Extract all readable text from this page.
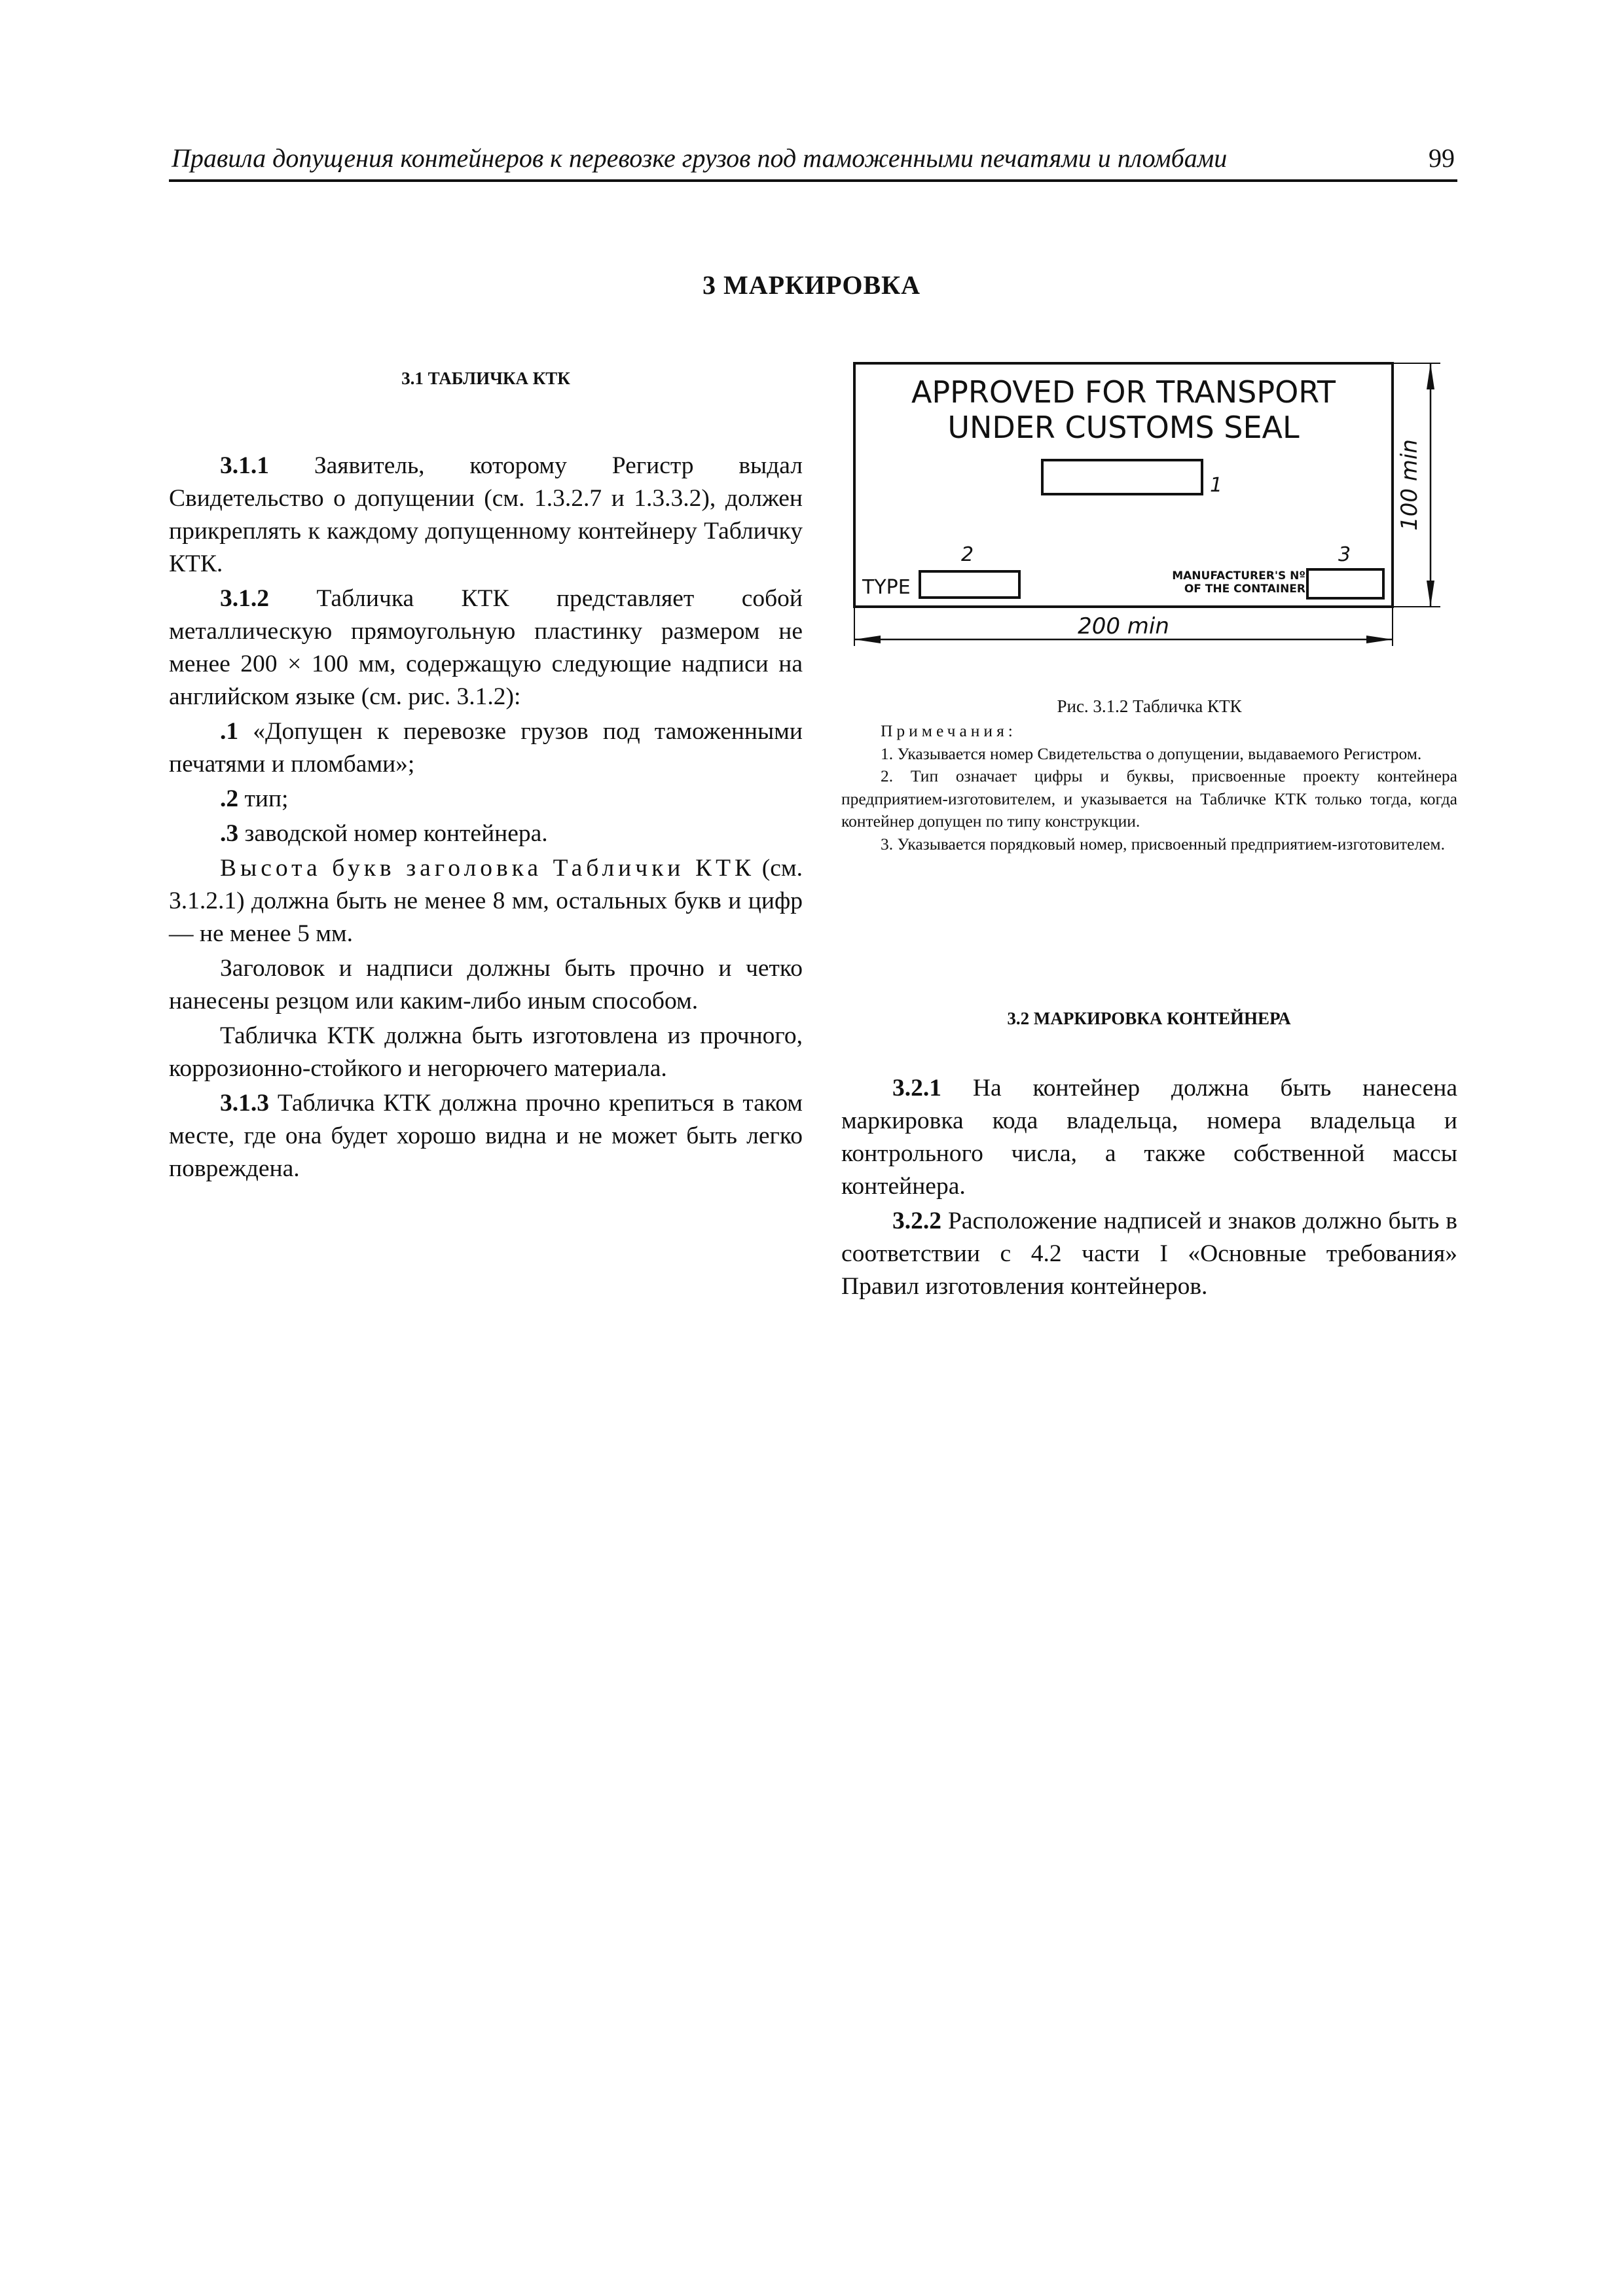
Правила допущения контейнеров к перевозке грузов под таможенными печатями и пломбами	99
3 МАРКИРОВКА
3.1 ТАБЛИЧКА КТК

3.1.1 Заявитель, которому Регистр выдал Свидетельство о допущении (см. 1.3.2.7 и 1.3.3.2), должен прикреплять к каждому допущенному контейнеру Табличку КТК.

3.1.2 Табличка КТК представляет собой металлическую прямоугольную пластинку размером не менее 200 × 100 мм, содержащую следующие надписи на английском языке (см. рис. 3.1.2):

.1 «Допущен к перевозке грузов под таможенными печатями и пломбами»;

.2 тип;

.3 заводской номер контейнера.

Высота букв заголовка Таблички КТК (см. 3.1.2.1) должна быть не менее 8 мм, остальных букв и цифр — не менее 5 мм.

Заголовок и надписи должны быть прочно и четко нанесены резцом или каким-либо иным способом.

Табличка КТК должна быть изготовлена из прочного, коррозионно-стойкого и негорючего материала.

3.1.3 Табличка КТК должна прочно крепиться в таком месте, где она будет хорошо видна и не может быть легко повреждена.

APPROVED FOR TRANSPORT
UNDER CUSTOMS SEAL
1
2
TYPE
3
MANUFACTURER'S Nº
OF THE CONTAINER
200 min
100 min
Рис. 3.1.2 Табличка КТК

Примечания:

1. Указывается номер Свидетельства о допущении, выдаваемого Регистром.

2. Тип означает цифры и буквы, присвоенные проекту контейнера предприятием-изготовителем, и указывается на Табличке КТК только тогда, когда контейнер допущен по типу конструкции.

3. Указывается порядковый номер, присвоенный предприятием-изготовителем.

3.2 МАРКИРОВКА КОНТЕЙНЕРА

3.2.1 На контейнер должна быть нанесена маркировка кода владельца, номера владельца и контрольного числа, а также собственной массы контейнера.

3.2.2 Расположение надписей и знаков должно быть в соответствии с 4.2 части I «Основные требования» Правил изготовления контейнеров.
